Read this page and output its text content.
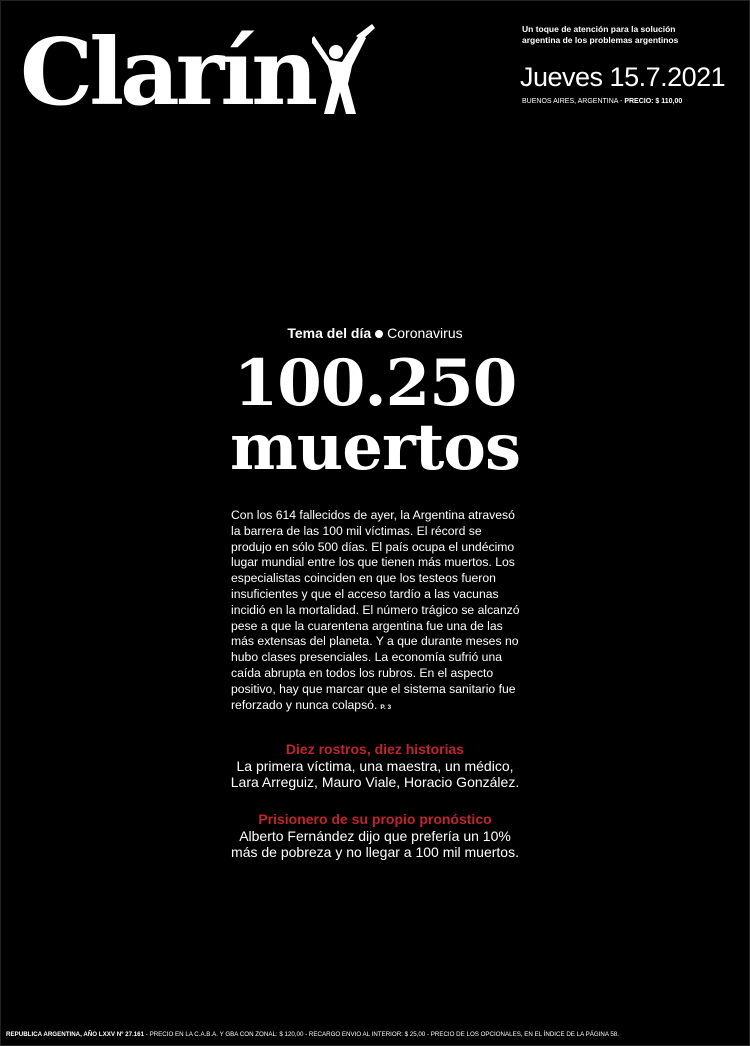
Clarín	Un toque de atención para la solución argentina de los problemas argentinos
Jueves 15.7.2021
BUENOS AIRES, ARGENTINA - PRECIO: $ 110,00
Tema del día Coronavirus
100.250
muertos
Con los 614 fallecidos de ayer, la Argentina atravesó la barrera de las 100 mil víctimas. El récord se produjo en sólo 500 días. El país ocupa el undécimo lugar mundial entre los que tienen más muertos. Los especialistas coinciden en que los testeos fueron insuficientes y que el acceso tardío a las vacunas incidió en la mortalidad. El número trágico se alcanzó pese a que la cuarentena argentina fue una de las más extensas del planeta. Y a que durante meses no hubo clases presenciales. La economía sufrió una caída abrupta en todos los rubros. En el aspecto positivo, hay que marcar que el sistema sanitario fue reforzado y nunca colapsó. P. 3
Diez rostros, diez historias
La primera víctima, una maestra, un médico,
Lara Arreguiz, Mauro Viale, Horacio González.
Prisionero de su propio pronóstico
Alberto Fernández dijo que prefería un 10%
más de pobreza y no llegar a 100 mil muertos.
REPUBLICA ARGENTINA, AÑO LXXV Nº 27.161 - PRECIO EN LA C.A.B.A. Y GBA CON ZONAL: $ 120,00 - RECARGO ENVIO AL INTERIOR: $ 25,00 - PRECIO DE LOS OPCIONALES, EN EL ÍNDICE DE LA PÁGINA 58.
